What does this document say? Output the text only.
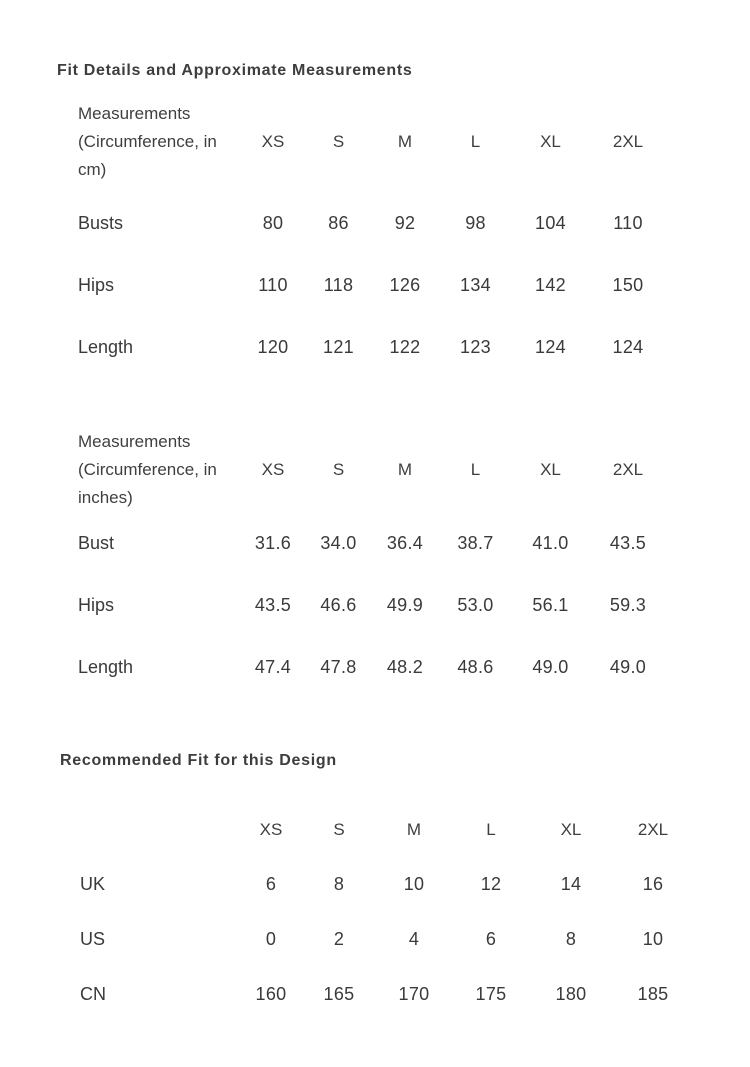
Fit Details and Approximate Measurements
Measurements (Circumference, in cm)
XS	S	M	L	XL	2XL
Busts	80	86	92	98	104	110
Hips	110	118	126	134	142	150
Length	120	121	122	123	124	124
Measurements (Circumference, in inches)
XS	S	M	L	XL	2XL
Bust	31.6	34.0	36.4	38.7	41.0	43.5
Hips	43.5	46.6	49.9	53.0	56.1	59.3
Length	47.4	47.8	48.2	48.6	49.0	49.0
Recommended Fit for this Design
XS	S	M	L	XL	2XL
UK	6	8	10	12	14	16
US	0	2	4	6	8	10
CN	160	165	170	175	180	185
